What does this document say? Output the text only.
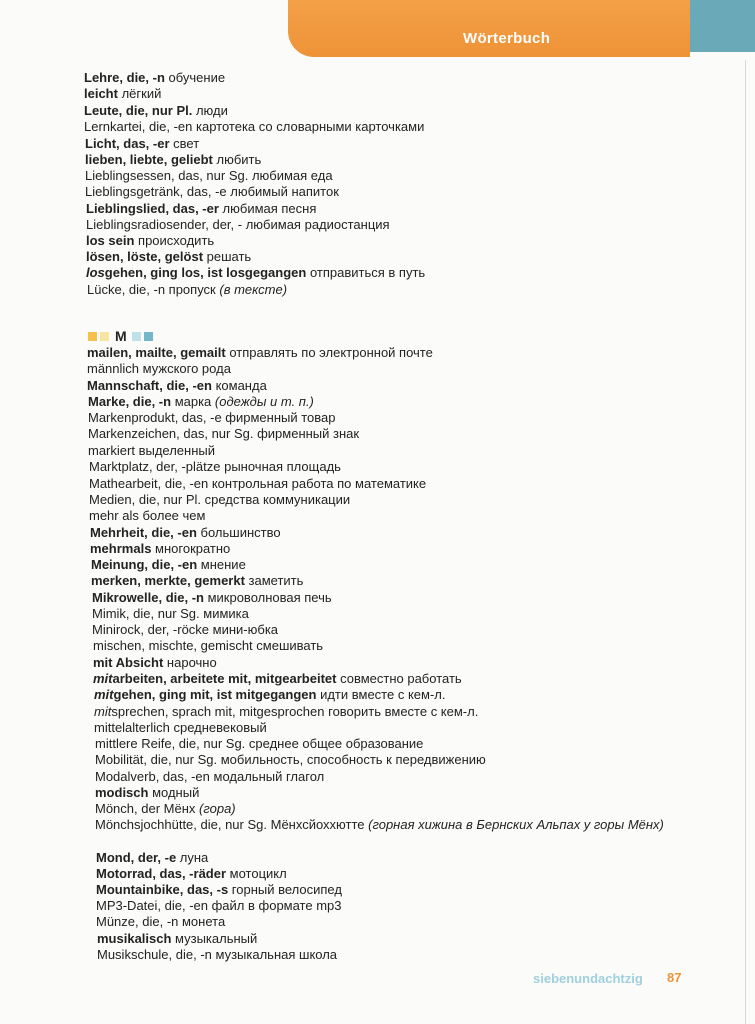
Wörterbuch
M
Lehre, die, -n обучение
leicht лёгкий
Leute, die, nur Pl. люди
Lernkartei, die, -en картотека со словарными карточками
Licht, das, -er свет
lieben, liebte, geliebt любить
Lieblingsessen, das, nur Sg. любимая еда
Lieblingsgetränk, das, -e любимый напиток
Lieblingslied, das, -er любимая песня
Lieblingsradiosender, der, - любимая радиостанция
los sein происходить
lösen, löste, gelöst решать
losgehen, ging los, ist losgegangen отправиться в путь
Lücke, die, -n пропуск (в тексте)
mailen, mailte, gemailt отправлять по электронной почте
männlich мужского рода
Mannschaft, die, -en команда
Marke, die, -n марка (одежды и т. п.)
Markenprodukt, das, -e фирменный товар
Markenzeichen, das, nur Sg. фирменный знак
markiert выделенный
Marktplatz, der, -plätze рыночная площадь
Mathearbeit, die, -en контрольная работа по математике
Medien, die, nur Pl. средства коммуникации
mehr als более чем
Mehrheit, die, -en большинство
mehrmals многократно
Meinung, die, -en мнение
merken, merkte, gemerkt заметить
Mikrowelle, die, -n микроволновая печь
Mimik, die, nur Sg. мимика
Minirock, der, -röcke мини-юбка
mischen, mischte, gemischt смешивать
mit Absicht нарочно
mitarbeiten, arbeitete mit, mitgearbeitet совместно работать
mitgehen, ging mit, ist mitgegangen идти вместе с кем-л.
mitsprechen, sprach mit, mitgesprochen говорить вместе с кем-л.
mittelalterlich средневековый
mittlere Reife, die, nur Sg. среднее общее образование
Mobilität, die, nur Sg. мобильность, способность к передвижению
Modalverb, das, -en модальный глагол
modisch модный
Mönch, der Мёнх (гора)
Mönchsjochhütte, die, nur Sg. Мёнхсйоххютте (горная хижина в Бернских Альпах у горы Мёнх)
Mond, der, -e луна
Motorrad, das, -räder мотоцикл
Mountainbike, das, -s горный велосипед
MP3-Datei, die, -en файл в формате mp3
Münze, die, -n монета
musikalisch музыкальный
Musikschule, die, -n музыкальная школа
siebenundachtzig 87
